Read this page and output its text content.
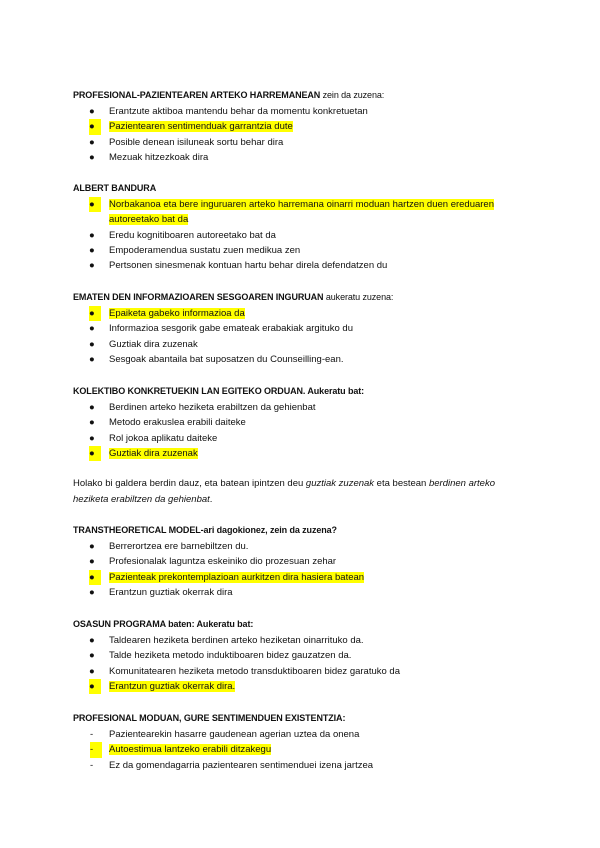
PROFESIONAL-PAZIENTEAREN ARTEKO HARREMANEAN zein da zuzena:
●	Erantzute aktiboa mantendu behar da momentu konkretuetan
●	Pazientearen sentimenduak garrantzia dute
●	Posible denean isiluneak sortu behar dira
●	Mezuak hitzezkoak dira
ALBERT BANDURA
●	Norbakanoa eta bere inguruaren arteko harremana oinarri moduan hartzen duen ereduaren autoreetako bat da
●	Eredu kognitiboaren autoreetako bat da
●	Empoderamendua sustatu zuen medikua zen
●	Pertsonen sinesmenak kontuan hartu behar direla defendatzen du
EMATEN DEN INFORMAZIOAREN SESGOAREN INGURUAN aukeratu zuzena:
●	Epaiketa gabeko informazioa da
●	Informazioa sesgorik gabe emateak erabakiak argituko du
●	Guztiak dira zuzenak
●	Sesgoak abantaila bat suposatzen du Counseilling-ean.
KOLEKTIBO KONKRETUEKIN LAN EGITEKO ORDUAN. Aukeratu bat:
●	Berdinen arteko heziketa erabiltzen da gehienbat
●	Metodo erakuslea erabili daiteke
●	Rol jokoa aplikatu daiteke
●	Guztiak dira zuzenak
Holako bi galdera berdin dauz, eta batean ipintzen deu guztiak zuzenak eta bestean berdinen arteko heziketa erabiltzen da gehienbat.
TRANSTHEORETICAL MODEL-ari dagokionez, zein da zuzena?
●	Berrerortzea ere barnebiltzen du.
●	Profesionalak laguntza eskeiniko dio prozesuan zehar
●	Pazienteak prekontemplazioan aurkitzen dira hasiera batean
●	Erantzun guztiak okerrak dira
OSASUN PROGRAMA baten: Aukeratu bat:
●	Taldearen heziketa berdinen arteko heziketan oinarrituko da.
●	Talde heziketa metodo induktiboaren bidez gauzatzen da.
●	Komunitatearen heziketa metodo transduktiboaren bidez garatuko da
●	Erantzun guztiak okerrak dira.
PROFESIONAL MODUAN, GURE SENTIMENDUEN EXISTENTZIA:
-	Pazientearekin hasarre gaudenean agerian uztea da onena
-	Autoestimua lantzeko erabili ditzakegu
-	Ez da gomendagarria pazientearen sentimenduei izena jartzea
